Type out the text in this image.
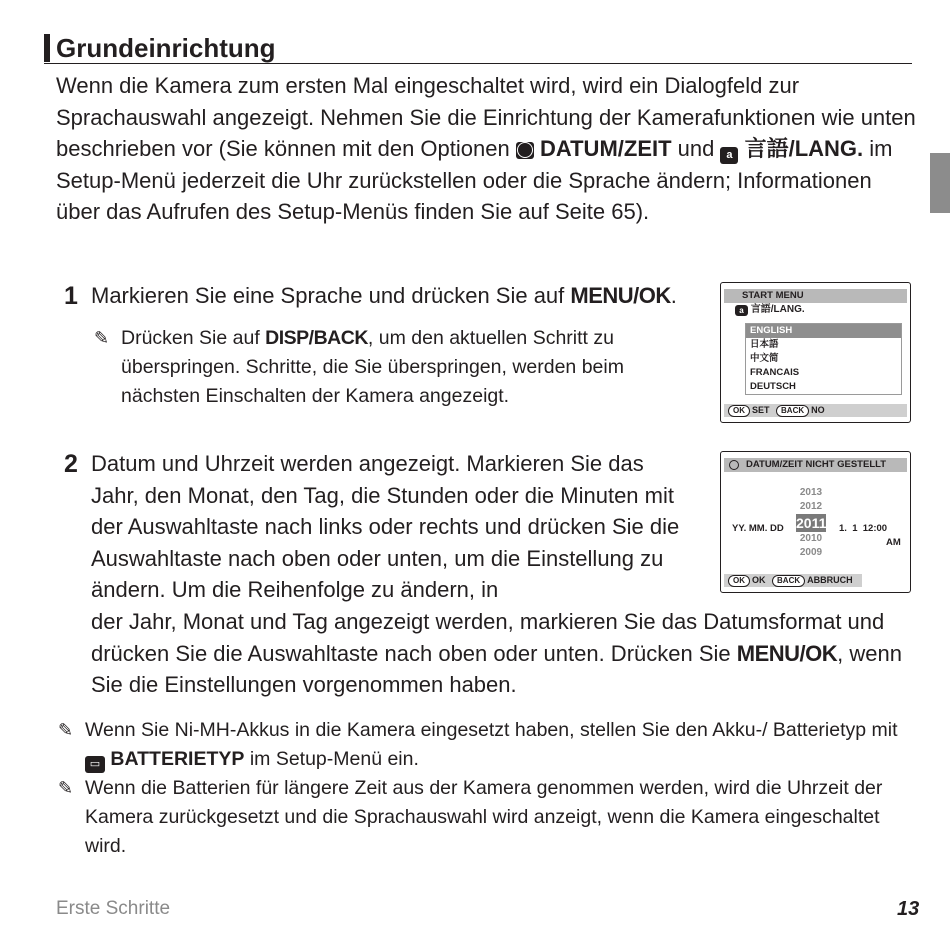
Grundeinrichtung
Wenn die Kamera zum ersten Mal eingeschaltet wird, wird ein Dialogfeld zur Sprachauswahl angezeigt. Nehmen Sie die Einrichtung der Kamerafunktionen wie unten beschrieben vor (Sie können mit den Optionen  DATUM/ZEIT und a 言語/LANG. im Setup-Menü jederzeit die Uhr zurückstellen oder die Sprache ändern; Informationen über das Aufrufen des Setup-Menüs finden Sie auf Seite 65).
1 Markieren Sie eine Sprache und drücken Sie auf MENU/OK.
✎ Drücken Sie auf DISP/BACK, um den aktuellen Schritt zu überspringen. Schritte, die Sie überspringen, werden beim nächsten Einschalten der Kamera angezeigt.
START MENU
a 言語/LANG.
ENGLISH
日本語
中文简
FRANCAIS
DEUTSCH
OK SET BACK NO
2 Datum und Uhrzeit werden angezeigt. Markieren Sie das Jahr, den Monat, den Tag, die Stunden oder die Minuten mit der Auswahltaste nach links oder rechts und drücken Sie die Auswahltaste nach oben oder unten, um die Einstellung zu ändern. Um die Reihenfolge zu ändern, in
der Jahr, Monat und Tag angezeigt werden, markieren Sie das Datumsformat und drücken Sie die Auswahltaste nach oben oder unten. Drücken Sie MENU/OK, wenn Sie die Einstellungen vorgenommen haben.
DATUM/ZEIT NICHT GESTELLT
YY. MM. DD
2013
2012
2011
2010
2009
1.  1  12:00
AM
OK OK BACK ABBRUCH
✎ Wenn Sie Ni-MH-Akkus in die Kamera eingesetzt haben, stellen Sie den Akku-/ Batterietyp mit ▭ BATTERIETYP im Setup-Menü ein.
✎ Wenn die Batterien für längere Zeit aus der Kamera genommen werden, wird die Uhrzeit der Kamera zurückgesetzt und die Sprachauswahl wird anzeigt, wenn die Kamera eingeschaltet wird.
Erste Schritte	13
